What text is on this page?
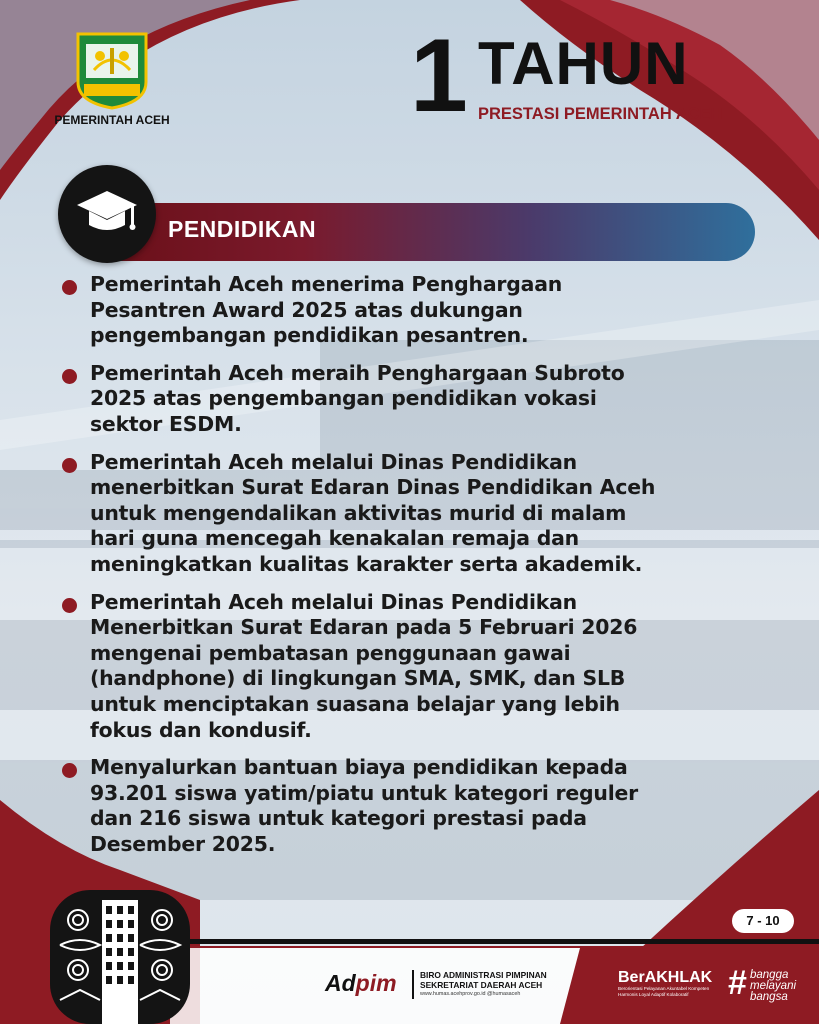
PEMERINTAH ACEH 1 TAHUN
PRESTASI PEMERINTAH ACEH
PENDIDIKAN
Pemerintah Aceh menerima Penghargaan
Pesantren Award 2025 atas dukungan
pengembangan pendidikan pesantren.
Pemerintah Aceh meraih Penghargaan Subroto
2025 atas pengembangan pendidikan vokasi
sektor ESDM.
Pemerintah Aceh melalui Dinas Pendidikan
menerbitkan Surat Edaran Dinas Pendidikan Aceh
untuk mengendalikan aktivitas murid di malam
hari guna mencegah kenakalan remaja dan
meningkatkan kualitas karakter serta akademik.
Pemerintah Aceh melalui Dinas Pendidikan
Menerbitkan Surat Edaran pada 5 Februari 2026
mengenai pembatasan penggunaan gawai
(handphone) di lingkungan SMA, SMK, dan SLB
untuk menciptakan suasana belajar yang lebih
fokus dan kondusif.
Menyalurkan bantuan biaya pendidikan kepada
93.201 siswa yatim/piatu untuk kategori reguler
dan 216 siswa untuk kategori prestasi pada
Desember 2025.
7 - 10
Adpim	BIRO ADMINISTRASI PIMPINAN
SEKRETARIAT DAERAH ACEH
www.humas.acehprov.go.id @humasaceh
BerAKHLAK
Berorientasi Pelayanan Akuntabel Kompeten Harmonis Loyal Adaptif Kolaboratif	# bangga
melayani
bangsa
